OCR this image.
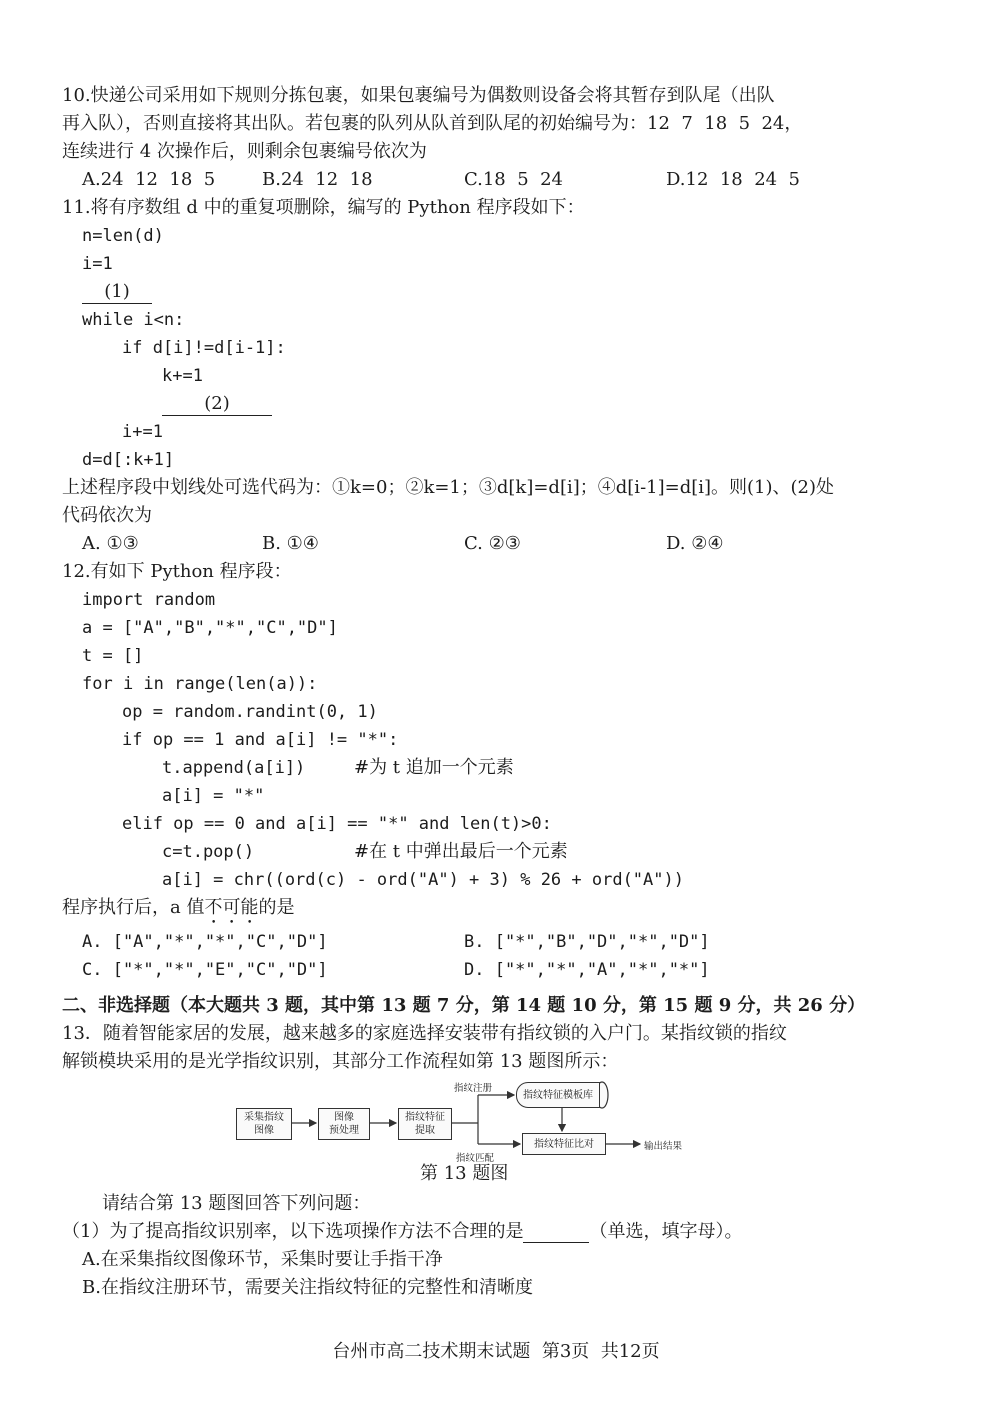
10.快递公司采用如下规则分拣包裹，如果包裹编号为偶数则设备会将其暂存到队尾（出队
再入队），否则直接将其出队。若包裹的队列从队首到队尾的初始编号为：12  7  18  5  24，
连续进行 4 次操作后，则剩余包裹编号依次为
A.24  12  18  5	B.24  12  18	C.18  5  24	D.12  18  24  5
11.将有序数组 d 中的重复项删除，编写的 Python 程序段如下：
n=len(d)
i=1
(1)
while i<n:
if d[i]!=d[i-1]:
k+=1
(2)
i+=1
d=d[:k+1]
上述程序段中划线处可选代码为：①k=0；②k=1；③d[k]=d[i]；④d[i-1]=d[i]。则(1)、(2)处
代码依次为
A. ①③	B. ①④	C. ②③	D. ②④
12.有如下 Python 程序段：
import random
a = ["A","B","*","C","D"]
t = []
for i in range(len(a)):
op = random.randint(0, 1)
if op == 1 and a[i] != "*":
t.append(a[i])	#为 t 追加一个元素
a[i] = "*"
elif op == 0 and a[i] == "*" and len(t)>0:
c=t.pop()	#在 t 中弹出最后一个元素
a[i] = chr((ord(c) - ord("A") + 3) % 26 + ord("A"))
程序执行后，a 值不可能的是
A. ["A","*","*","C","D"]	B. ["*","B","D","*","D"]
C. ["*","*","E","C","D"]	D. ["*","*","A","*","*"]
二、非选择题（本大题共 3 题，其中第 13 题 7 分，第 14 题 10 分，第 15 题 9 分，共 26 分）
13．随着智能家居的发展，越来越多的家庭选择安装带有指纹锁的入户门。某指纹锁的指纹
解锁模块采用的是光学指纹识别，其部分工作流程如第 13 题图所示：
采集指纹
图像
图像
预处理
指纹特征
提取
指纹特征模板库
指纹特征比对
指纹注册
指纹匹配
输出结果
第 13 题图
请结合第 13 题图回答下列问题：
（1）为了提高指纹识别率，以下选项操作方法不合理的是	（单选，填字母）。
A.在采集指纹图像环节，采集时要让手指干净
B.在指纹注册环节，需要关注指纹特征的完整性和清晰度
台州市高二技术期末试题  第3页  共12页
